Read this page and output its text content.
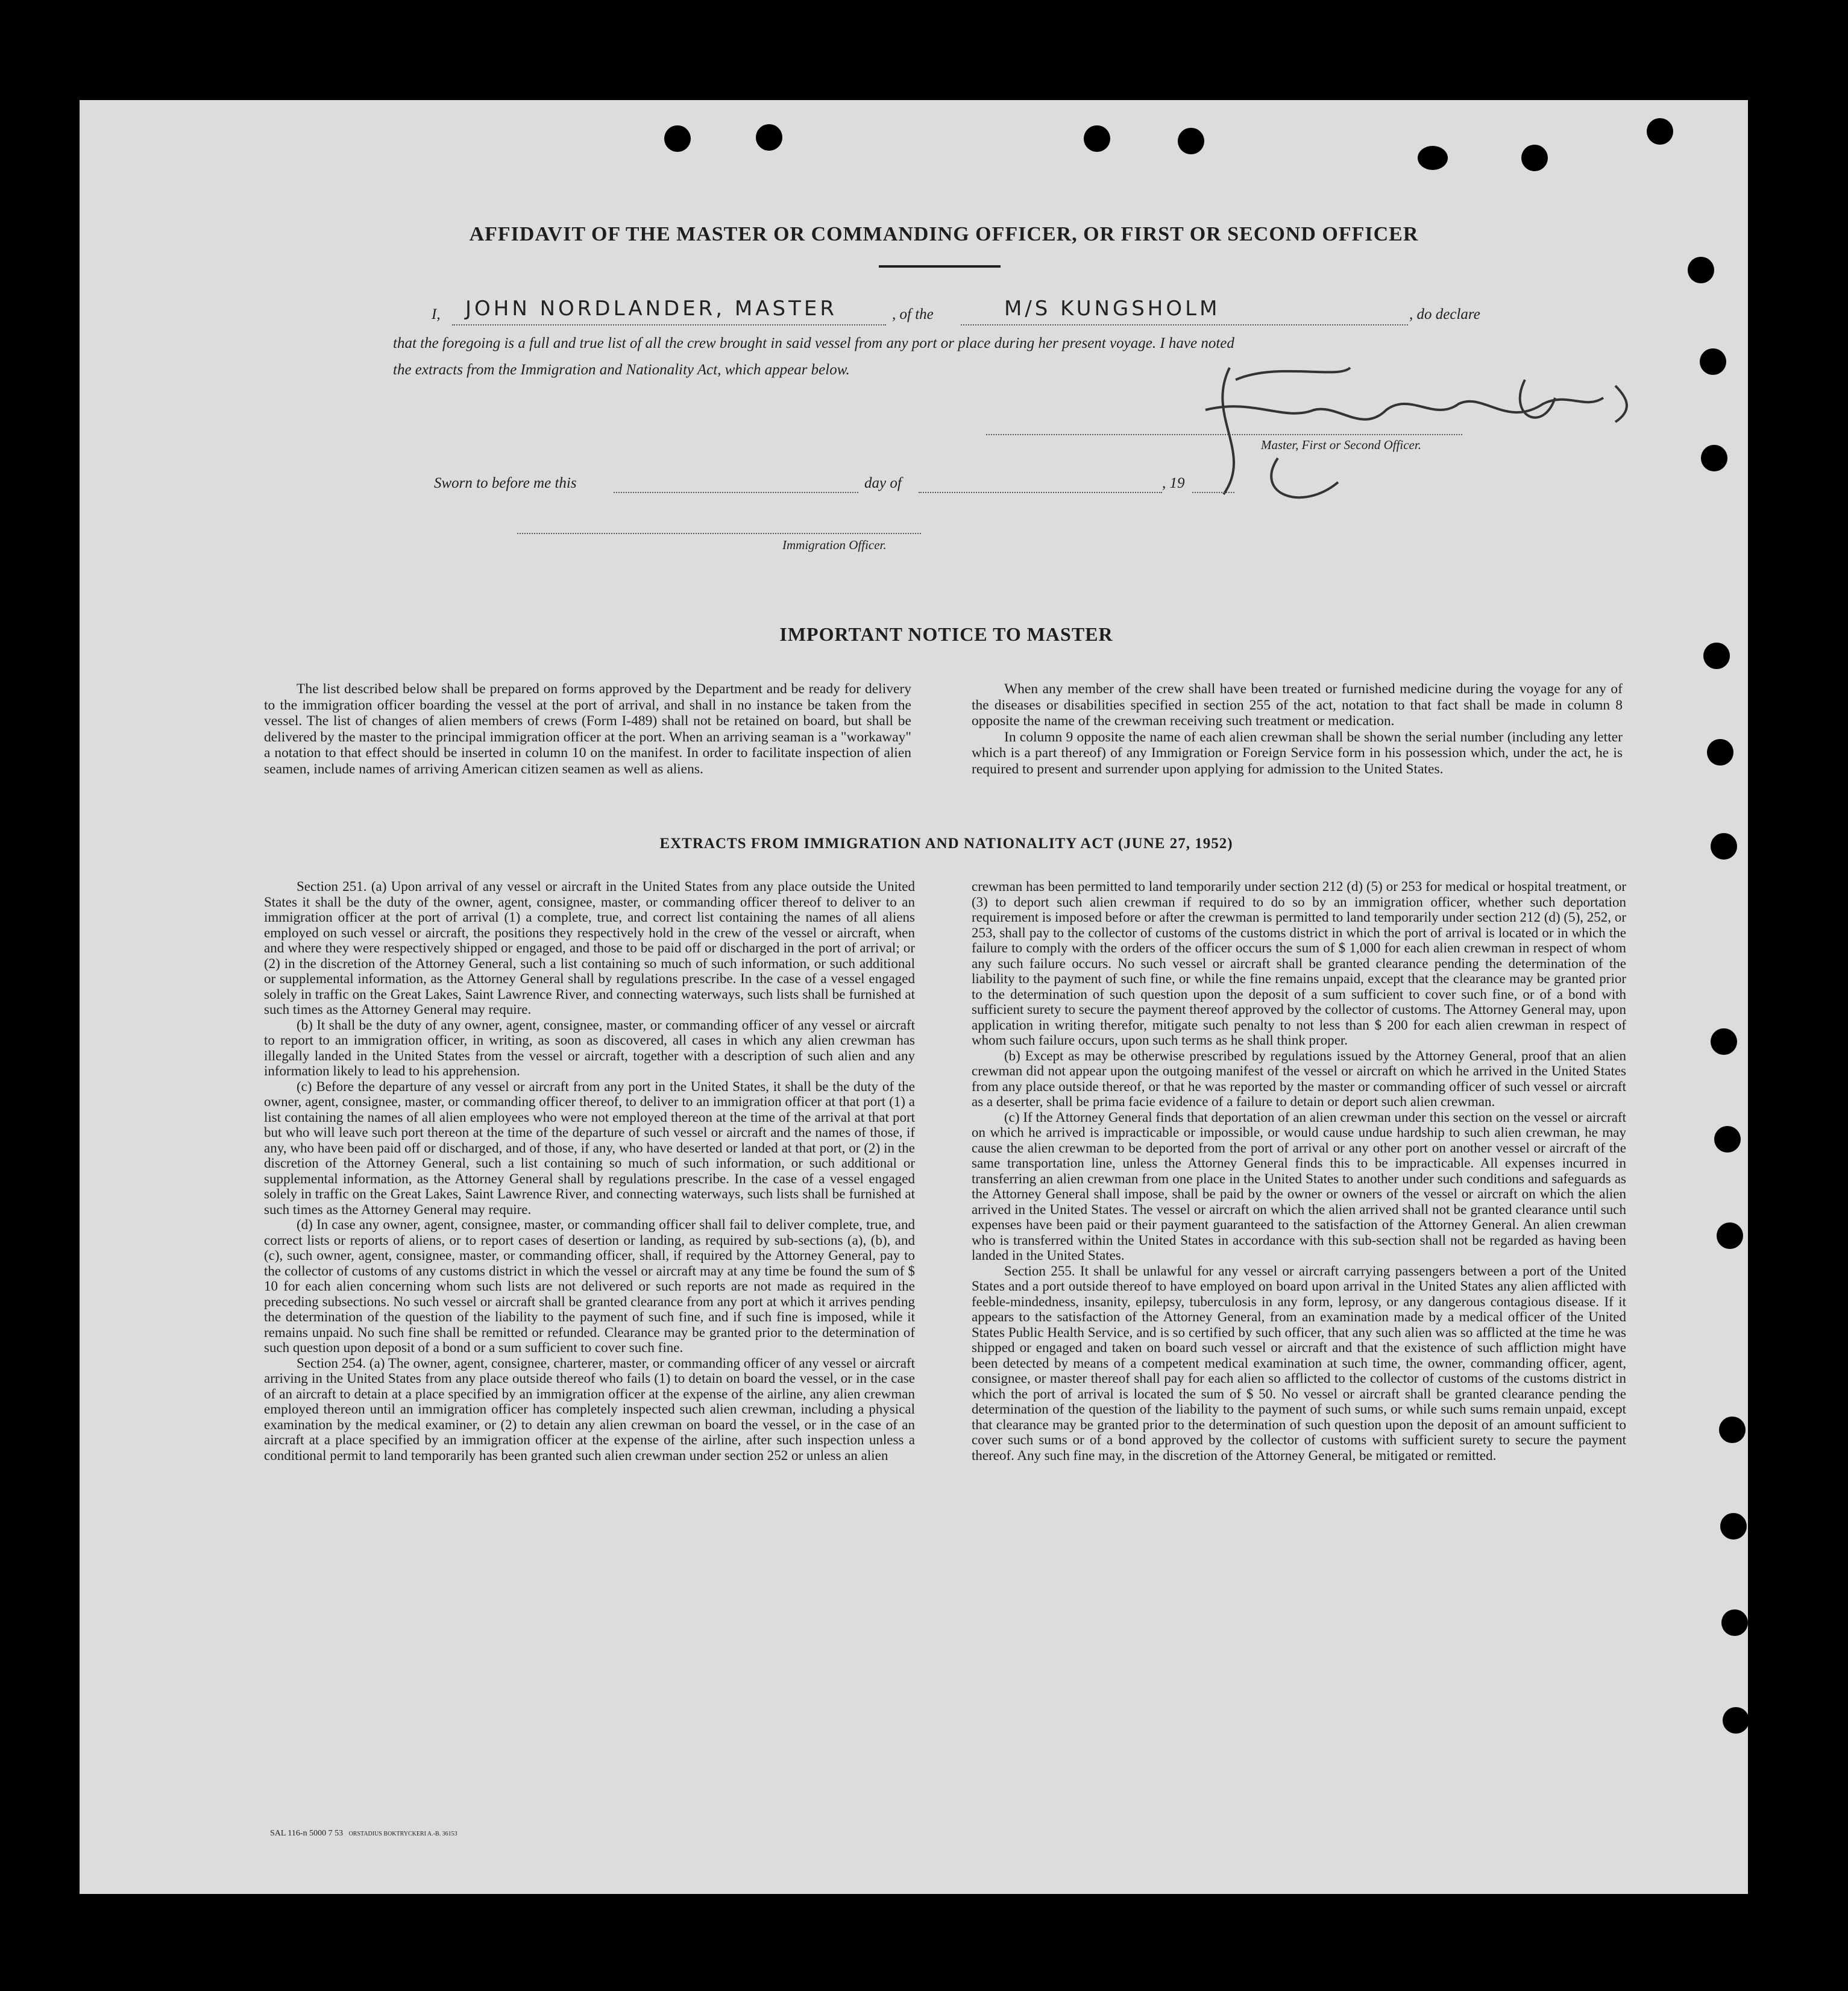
AFFIDAVIT OF THE MASTER OR COMMANDING OFFICER, OR FIRST OR SECOND OFFICER
I, JOHN NORDLANDER, MASTER	, of the	M/S KUNGSHOLM	, do declare
that the foregoing is a full and true list of all the crew brought in said vessel from any port or place during her present voyage. I have noted
the extracts from the Immigration and Nationality Act, which appear below.
Master, First or Second Officer.
Sworn to before me this	day of	, 19
Immigration Officer.
IMPORTANT NOTICE TO MASTER

The list described below shall be prepared on forms approved by the Department and be ready for delivery to the immigration officer boarding the vessel at the port of arrival, and shall in no instance be taken from the vessel. The list of changes of alien members of crews (Form I-489) shall not be retained on board, but shall be delivered by the master to the principal immigration officer at the port. When an arriving seaman is a "workaway" a notation to that effect should be inserted in column 10 on the manifest. In order to facilitate inspection of alien seamen, include names of arriving American citizen seamen as well as aliens.

When any member of the crew shall have been treated or furnished medicine during the voyage for any of the diseases or disabilities specified in section 255 of the act, notation to that fact shall be made in column 8 opposite the name of the crewman receiving such treatment or medication.

In column 9 opposite the name of each alien crewman shall be shown the serial number (including any letter which is a part thereof) of any Immigration or Foreign Service form in his possession which, under the act, he is required to present and surrender upon applying for admission to the United States.

EXTRACTS FROM IMMIGRATION AND NATIONALITY ACT (JUNE 27, 1952)

Section 251. (a) Upon arrival of any vessel or aircraft in the United States from any place outside the United States it shall be the duty of the owner, agent, consignee, master, or commanding officer thereof to deliver to an immigration officer at the port of arrival (1) a complete, true, and correct list containing the names of all aliens employed on such vessel or aircraft, the positions they respectively hold in the crew of the vessel or aircraft, when and where they were respectively shipped or engaged, and those to be paid off or discharged in the port of arrival; or (2) in the discretion of the Attorney General, such a list containing so much of such information, or such additional or supplemental information, as the Attorney General shall by regulations prescribe. In the case of a vessel engaged solely in traffic on the Great Lakes, Saint Lawrence River, and connecting waterways, such lists shall be furnished at such times as the Attorney General may require.

(b) It shall be the duty of any owner, agent, consignee, master, or commanding officer of any vessel or aircraft to report to an immigration officer, in writing, as soon as discovered, all cases in which any alien crewman has illegally landed in the United States from the vessel or aircraft, together with a description of such alien and any information likely to lead to his apprehension.

(c) Before the departure of any vessel or aircraft from any port in the United States, it shall be the duty of the owner, agent, consignee, master, or commanding officer thereof, to deliver to an immigration officer at that port (1) a list containing the names of all alien employees who were not employed thereon at the time of the arrival at that port but who will leave such port thereon at the time of the departure of such vessel or aircraft and the names of those, if any, who have been paid off or discharged, and of those, if any, who have deserted or landed at that port, or (2) in the discretion of the Attorney General, such a list containing so much of such information, or such additional or supplemental information, as the Attorney General shall by regulations prescribe. In the case of a vessel engaged solely in traffic on the Great Lakes, Saint Lawrence River, and connecting waterways, such lists shall be furnished at such times as the Attorney General may require.

(d) In case any owner, agent, consignee, master, or commanding officer shall fail to deliver complete, true, and correct lists or reports of aliens, or to report cases of desertion or landing, as required by sub-sections (a), (b), and (c), such owner, agent, consignee, master, or commanding officer, shall, if required by the Attorney General, pay to the collector of customs of any customs district in which the vessel or aircraft may at any time be found the sum of $ 10 for each alien concerning whom such lists are not delivered or such reports are not made as required in the preceding subsections. No such vessel or aircraft shall be granted clearance from any port at which it arrives pending the determination of the question of the liability to the payment of such fine, and if such fine is imposed, while it remains unpaid. No such fine shall be remitted or refunded. Clearance may be granted prior to the determination of such question upon deposit of a bond or a sum sufficient to cover such fine.

Section 254. (a) The owner, agent, consignee, charterer, master, or commanding officer of any vessel or aircraft arriving in the United States from any place outside thereof who fails (1) to detain on board the vessel, or in the case of an aircraft to detain at a place specified by an immigration officer at the expense of the airline, any alien crewman employed thereon until an immigration officer has completely inspected such alien crewman, including a physical examination by the medical examiner, or (2) to detain any alien crewman on board the vessel, or in the case of an aircraft at a place specified by an immigration officer at the expense of the airline, after such inspection unless a conditional permit to land temporarily has been granted such alien crewman under section 252 or unless an alien

crewman has been permitted to land temporarily under section 212 (d) (5) or 253 for medical or hospital treatment, or (3) to deport such alien crewman if required to do so by an immigration officer, whether such deportation requirement is imposed before or after the crewman is permitted to land temporarily under section 212 (d) (5), 252, or 253, shall pay to the collector of customs of the customs district in which the port of arrival is located or in which the failure to comply with the orders of the officer occurs the sum of $ 1,000 for each alien crewman in respect of whom any such failure occurs. No such vessel or aircraft shall be granted clearance pending the determination of the liability to the payment of such fine, or while the fine remains unpaid, except that the clearance may be granted prior to the determination of such question upon the deposit of a sum sufficient to cover such fine, or of a bond with sufficient surety to secure the payment thereof approved by the collector of customs. The Attorney General may, upon application in writing therefor, mitigate such penalty to not less than $ 200 for each alien crewman in respect of whom such failure occurs, upon such terms as he shall think proper.

(b) Except as may be otherwise prescribed by regulations issued by the Attorney General, proof that an alien crewman did not appear upon the outgoing manifest of the vessel or aircraft on which he arrived in the United States from any place outside thereof, or that he was reported by the master or commanding officer of such vessel or aircraft as a deserter, shall be prima facie evidence of a failure to detain or deport such alien crewman.

(c) If the Attorney General finds that deportation of an alien crewman under this section on the vessel or aircraft on which he arrived is impracticable or impossible, or would cause undue hardship to such alien crewman, he may cause the alien crewman to be deported from the port of arrival or any other port on another vessel or aircraft of the same transportation line, unless the Attorney General finds this to be impracticable. All expenses incurred in transferring an alien crewman from one place in the United States to another under such conditions and safeguards as the Attorney General shall impose, shall be paid by the owner or owners of the vessel or aircraft on which the alien arrived in the United States. The vessel or aircraft on which the alien arrived shall not be granted clearance until such expenses have been paid or their payment guaranteed to the satisfaction of the Attorney General. An alien crewman who is transferred within the United States in accordance with this sub-section shall not be regarded as having been landed in the United States.

Section 255. It shall be unlawful for any vessel or aircraft carrying passengers between a port of the United States and a port outside thereof to have employed on board upon arrival in the United States any alien afflicted with feeble-mindedness, insanity, epilepsy, tuberculosis in any form, leprosy, or any dangerous contagious disease. If it appears to the satisfaction of the Attorney General, from an examination made by a medical officer of the United States Public Health Service, and is so certified by such officer, that any such alien was so afflicted at the time he was shipped or engaged and taken on board such vessel or aircraft and that the existence of such affliction might have been detected by means of a competent medical examination at such time, the owner, commanding officer, agent, consignee, or master thereof shall pay for each alien so afflicted to the collector of customs of the customs district in which the port of arrival is located the sum of $ 50. No vessel or aircraft shall be granted clearance pending the determination of the question of the liability to the payment of such sums, or while such sums remain unpaid, except that clearance may be granted prior to the determination of such question upon the deposit of an amount sufficient to cover such sums or of a bond approved by the collector of customs with sufficient surety to secure the payment thereof. Any such fine may, in the discretion of the Attorney General, be mitigated or remitted.

SAL 116-n 5000 7 53 ORSTADIUS BOKTRYCKERI A.-B. 36153
